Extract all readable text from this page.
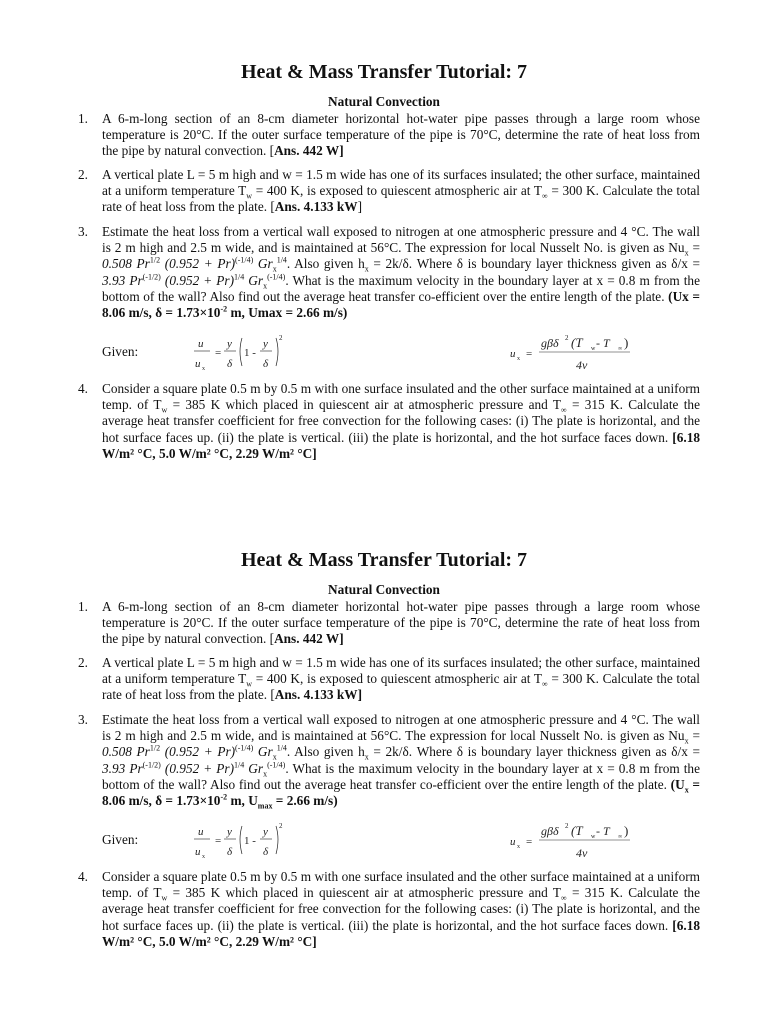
Heat & Mass Transfer Tutorial: 7
Natural Convection
1.	A 6-m-long section of an 8-cm diameter horizontal hot-water pipe passes through a large room whose temperature is 20°C. If the outer surface temperature of the pipe is 70°C, determine the rate of heat loss from the pipe by natural convection. [Ans. 442 W]
2.	A vertical plate L = 5 m high and w = 1.5 m wide has one of its surfaces insulated; the other surface, maintained at a uniform temperature $T_w = 400$ K, is exposed to quiescent atmospheric air at $T_\infty = 300$ K. Calculate the total rate of heat loss from the plate. [Ans. 4.133 kW]
3.	Estimate the heat loss from a vertical wall exposed to nitrogen at one atmospheric pressure and 4 °C. The wall is 2 m high and 2.5 m wide, and is maintained at 56°C. The expression for local Nusselt No. is given as $Nu_x = 0.508$ $Pr^{1/2}$ $(0.952 + Pr)^{(-1/4)}$ $Gr_x^{1/4}$. Also given $h_x = 2k/\delta$. Where δ is boundary layer thickness given as δ/x = 3.93 $Pr^{(-1/2)}$ $(0.952 + Pr)^{1/4}$ $Gr_x^{(-1/4)}$. What is the maximum velocity in the boundary layer at x = 0.8 m from the bottom of the wall? Also find out the average heat transfer co-efficient over the entire length of the plate. (Ux = 8.06 m/s, $\delta = 1.73\times 10^{-2}$ m, Umax = 2.66 m/s)
Given:	u
u x
=
y
δ
1 -
y
δ
2
u x =
gβδ 2 (T w - T ∞ )
4ν
4.	Consider a square plate 0.5 m by 0.5 m with one surface insulated and the other surface maintained at a uniform temp. of $T_w = 385$ K which placed in quiescent air at atmospheric pressure and $T_\infty = 315$ K. Calculate the average heat transfer coefficient for free convection for the following cases: (i) The plate is horizontal, and the hot surface faces up. (ii) the plate is vertical. (iii) the plate is horizontal, and the hot surface faces down. [6.18 W/m² °C, 5.0 W/m² °C, 2.29 W/m² °C]
Heat & Mass Transfer Tutorial: 7
Natural Convection
1.	A 6-m-long section of an 8-cm diameter horizontal hot-water pipe passes through a large room whose temperature is 20°C. If the outer surface temperature of the pipe is 70°C, determine the rate of heat loss from the pipe by natural convection. [Ans. 442 W]
2.	A vertical plate L = 5 m high and w = 1.5 m wide has one of its surfaces insulated; the other surface, maintained at a uniform temperature $T_w = 400$ K, is exposed to quiescent atmospheric air at $T_\infty = 300$ K. Calculate the total rate of heat loss from the plate. [Ans. 4.133 kW]
3.	Estimate the heat loss from a vertical wall exposed to nitrogen at one atmospheric pressure and 4 °C. The wall is 2 m high and 2.5 m wide, and is maintained at 56°C. The expression for local Nusselt No. is given as $Nu_x = 0.508$ $Pr^{1/2}$ $(0.952 + Pr)^{(-1/4)}$ $Gr_x^{1/4}$. Also given $h_x = 2k/\delta$. Where δ is boundary layer thickness given as δ/x = 3.93 $Pr^{(-1/2)}$ $(0.952 + Pr)^{1/4}$ $Gr_x^{(-1/4)}$. What is the maximum velocity in the boundary layer at x = 0.8 m from the bottom of the wall? Also find out the average heat transfer co-efficient over the entire length of the plate. ($U_x = 8.06$ m/s, $\delta = 1.73\times 10^{-2}$ m, $U_{max} = 2.66$ m/s)
Given:	u
u x
=
y
δ
1 -
y
δ
2
u x =
gβδ 2 (T w - T ∞ )
4ν
4.	Consider a square plate 0.5 m by 0.5 m with one surface insulated and the other surface maintained at a uniform temp. of $T_w = 385$ K which placed in quiescent air at atmospheric pressure and $T_\infty = 315$ K. Calculate the average heat transfer coefficient for free convection for the following cases: (i) The plate is horizontal, and the hot surface faces up. (ii) the plate is vertical. (iii) the plate is horizontal, and the hot surface faces down. [6.18 W/m² °C, 5.0 W/m² °C, 2.29 W/m² °C]
